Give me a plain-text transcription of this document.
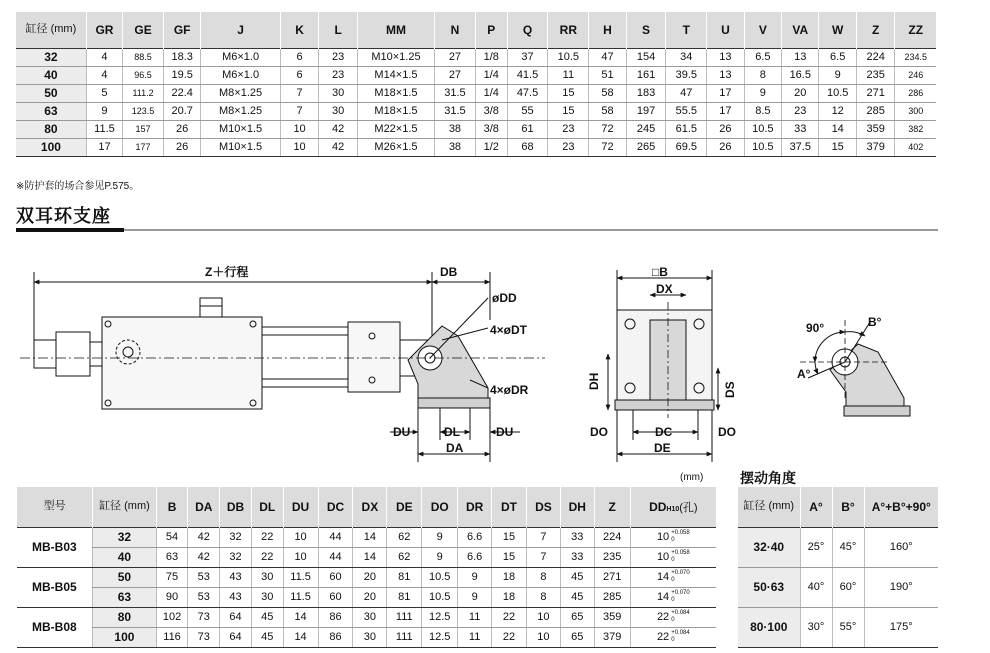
缸径 (mm)	GR	GE	GF	J	K	L	MM	N	P	Q	RR	H	S	T	U	V	VA	W	Z	ZZ
32	4	88.5	18.3	M6×1.0	6	23	M10×1.25	27	1/8	37	10.5	47	154	34	13	6.5	13	6.5	224	234.5
40	4	96.5	19.5	M6×1.0	6	23	M14×1.5	27	1/4	41.5	11	51	161	39.5	13	8	16.5	9	235	246
50	5	111.2	22.4	M8×1.25	7	30	M18×1.5	31.5	1/4	47.5	15	58	183	47	17	9	20	10.5	271	286
63	9	123.5	20.7	M8×1.25	7	30	M18×1.5	31.5	3/8	55	15	58	197	55.5	17	8.5	23	12	285	300
80	11.5	157	26	M10×1.5	10	42	M22×1.5	38	3/8	61	23	72	245	61.5	26	10.5	33	14	359	382
100	17	177	26	M10×1.5	10	42	M26×1.5	38	1/2	68	23	72	265	69.5	26	10.5	37.5	15	379	402
※防护套的场合参见P.575。
双耳环支座
Z＋行程	DB
øDD
4×øDT
4×øDR
DU	DL	DU
DA
□B
DX
DH	DS
DO	DC	DO
DE
90°	B°
A°
(mm)
型号	缸径 (mm)	B	DA	DB	DL	DU	DC	DX	DE	DO	DR	DT	DS	DH	Z	DDH10(孔)
MB-B03	32	54	42	32	22	10	44	14	62	9	6.6	15	7	33	224	10 +0.058
0

	40	63	42	32	22	10	44	14	62	9	6.6	15	7	33	235	10 +0.058
0

MB-B05	50	75	53	43	30	11.5	60	20	81	10.5	9	18	8	45	271	14 +0.070
0

	63	90	53	43	30	11.5	60	20	81	10.5	9	18	8	45	285	14 +0.070
0

MB-B08	80	102	73	64	45	14	86	30	111	12.5	11	22	10	65	359	22 +0.084
0

	100	116	73	64	45	14	86	30	111	12.5	11	22	10	65	379	22 +0.084
0
摆动角度
缸径 (mm)	A°	B°	A°+B°+90°
32·40	25°	45°	160°
50·63	40°	60°	190°
80·100	30°	55°	175°
